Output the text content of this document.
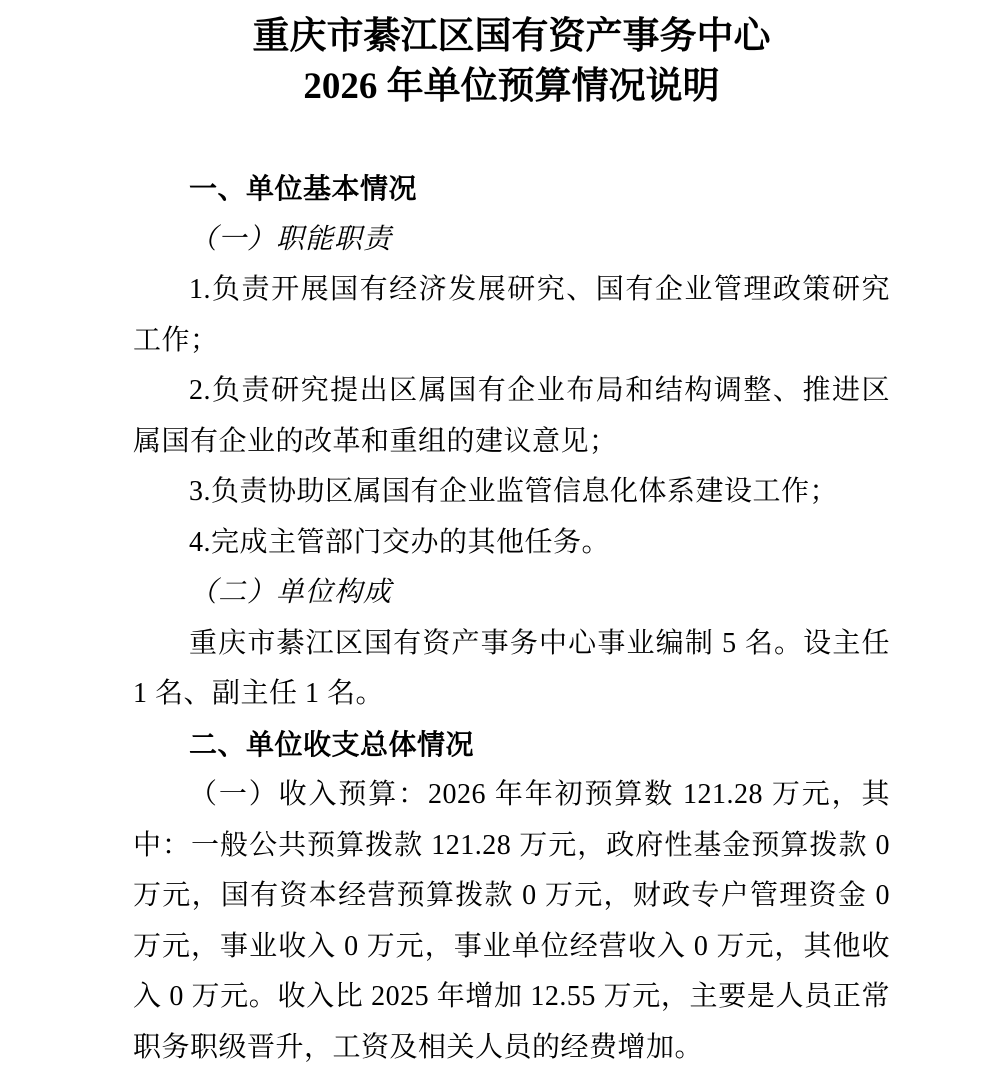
重庆市綦江区国有资产事务中心
2026 年单位预算情况说明
一、单位基本情况
（一）职能职责

1.负责开展国有经济发展研究、国有企业管理政策研究工作；

2.负责研究提出区属国有企业布局和结构调整、推进区属国有企业的改革和重组的建议意见；

3.负责协助区属国有企业监管信息化体系建设工作；

4.完成主管部门交办的其他任务。

（二）单位构成

重庆市綦江区国有资产事务中心事业编制 5 名。设主任 1 名、副主任 1 名。

二、单位收支总体情况

（一）收入预算：2026 年年初预算数 121.28 万元，其中：一般公共预算拨款 121.28 万元，政府性基金预算拨款 0 万元，国有资本经营预算拨款 0 万元，财政专户管理资金 0 万元，事业收入 0 万元，事业单位经营收入 0 万元，其他收入 0 万元。收入比 2025 年增加 12.55 万元，主要是人员正常职务职级晋升，工资及相关人员的经费增加。
